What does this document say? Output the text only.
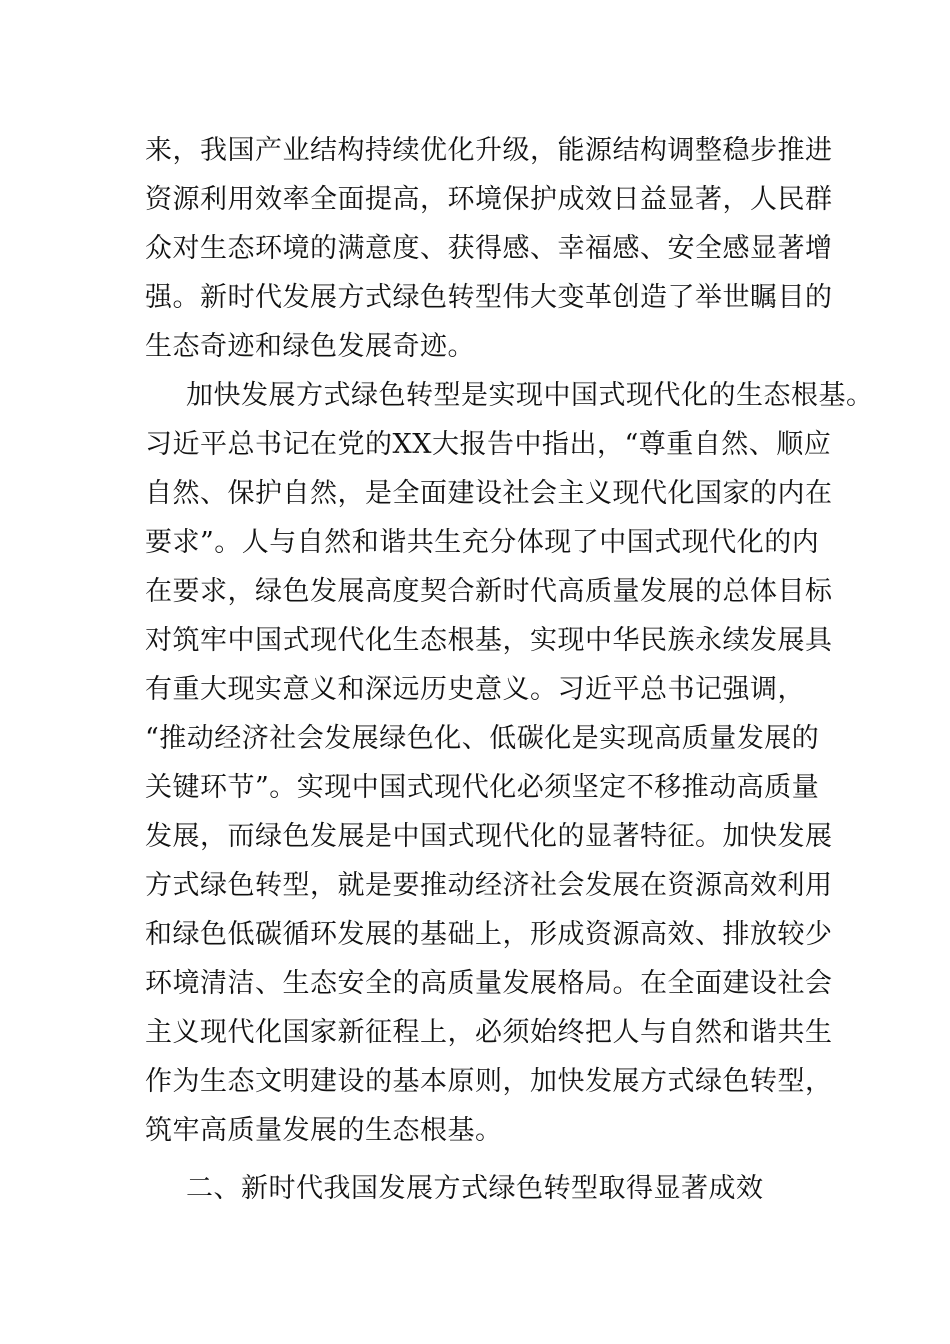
来，我国产业结构持续优化升级，能源结构调整稳步推进
资源利用效率全面提高，环境保护成效日益显著，人民群
众对生态环境的满意度、获得感、幸福感、安全感显著增
强。新时代发展方式绿色转型伟大变革创造了举世瞩目的
生态奇迹和绿色发展奇迹。
加快发展方式绿色转型是实现中国式现代化的生态根基。
习近平总书记在党的XX大报告中指出，“尊重自然、顺应
自然、保护自然，是全面建设社会主义现代化国家的内在
要求”。人与自然和谐共生充分体现了中国式现代化的内
在要求，绿色发展高度契合新时代高质量发展的总体目标
对筑牢中国式现代化生态根基，实现中华民族永续发展具
有重大现实意义和深远历史意义。习近平总书记强调，
“推动经济社会发展绿色化、低碳化是实现高质量发展的
关键环节”。实现中国式现代化必须坚定不移推动高质量
发展，而绿色发展是中国式现代化的显著特征。加快发展
方式绿色转型，就是要推动经济社会发展在资源高效利用
和绿色低碳循环发展的基础上，形成资源高效、排放较少
环境清洁、生态安全的高质量发展格局。在全面建设社会
主义现代化国家新征程上，必须始终把人与自然和谐共生
作为生态文明建设的基本原则，加快发展方式绿色转型，
筑牢高质量发展的生态根基。
二、新时代我国发展方式绿色转型取得显著成效
